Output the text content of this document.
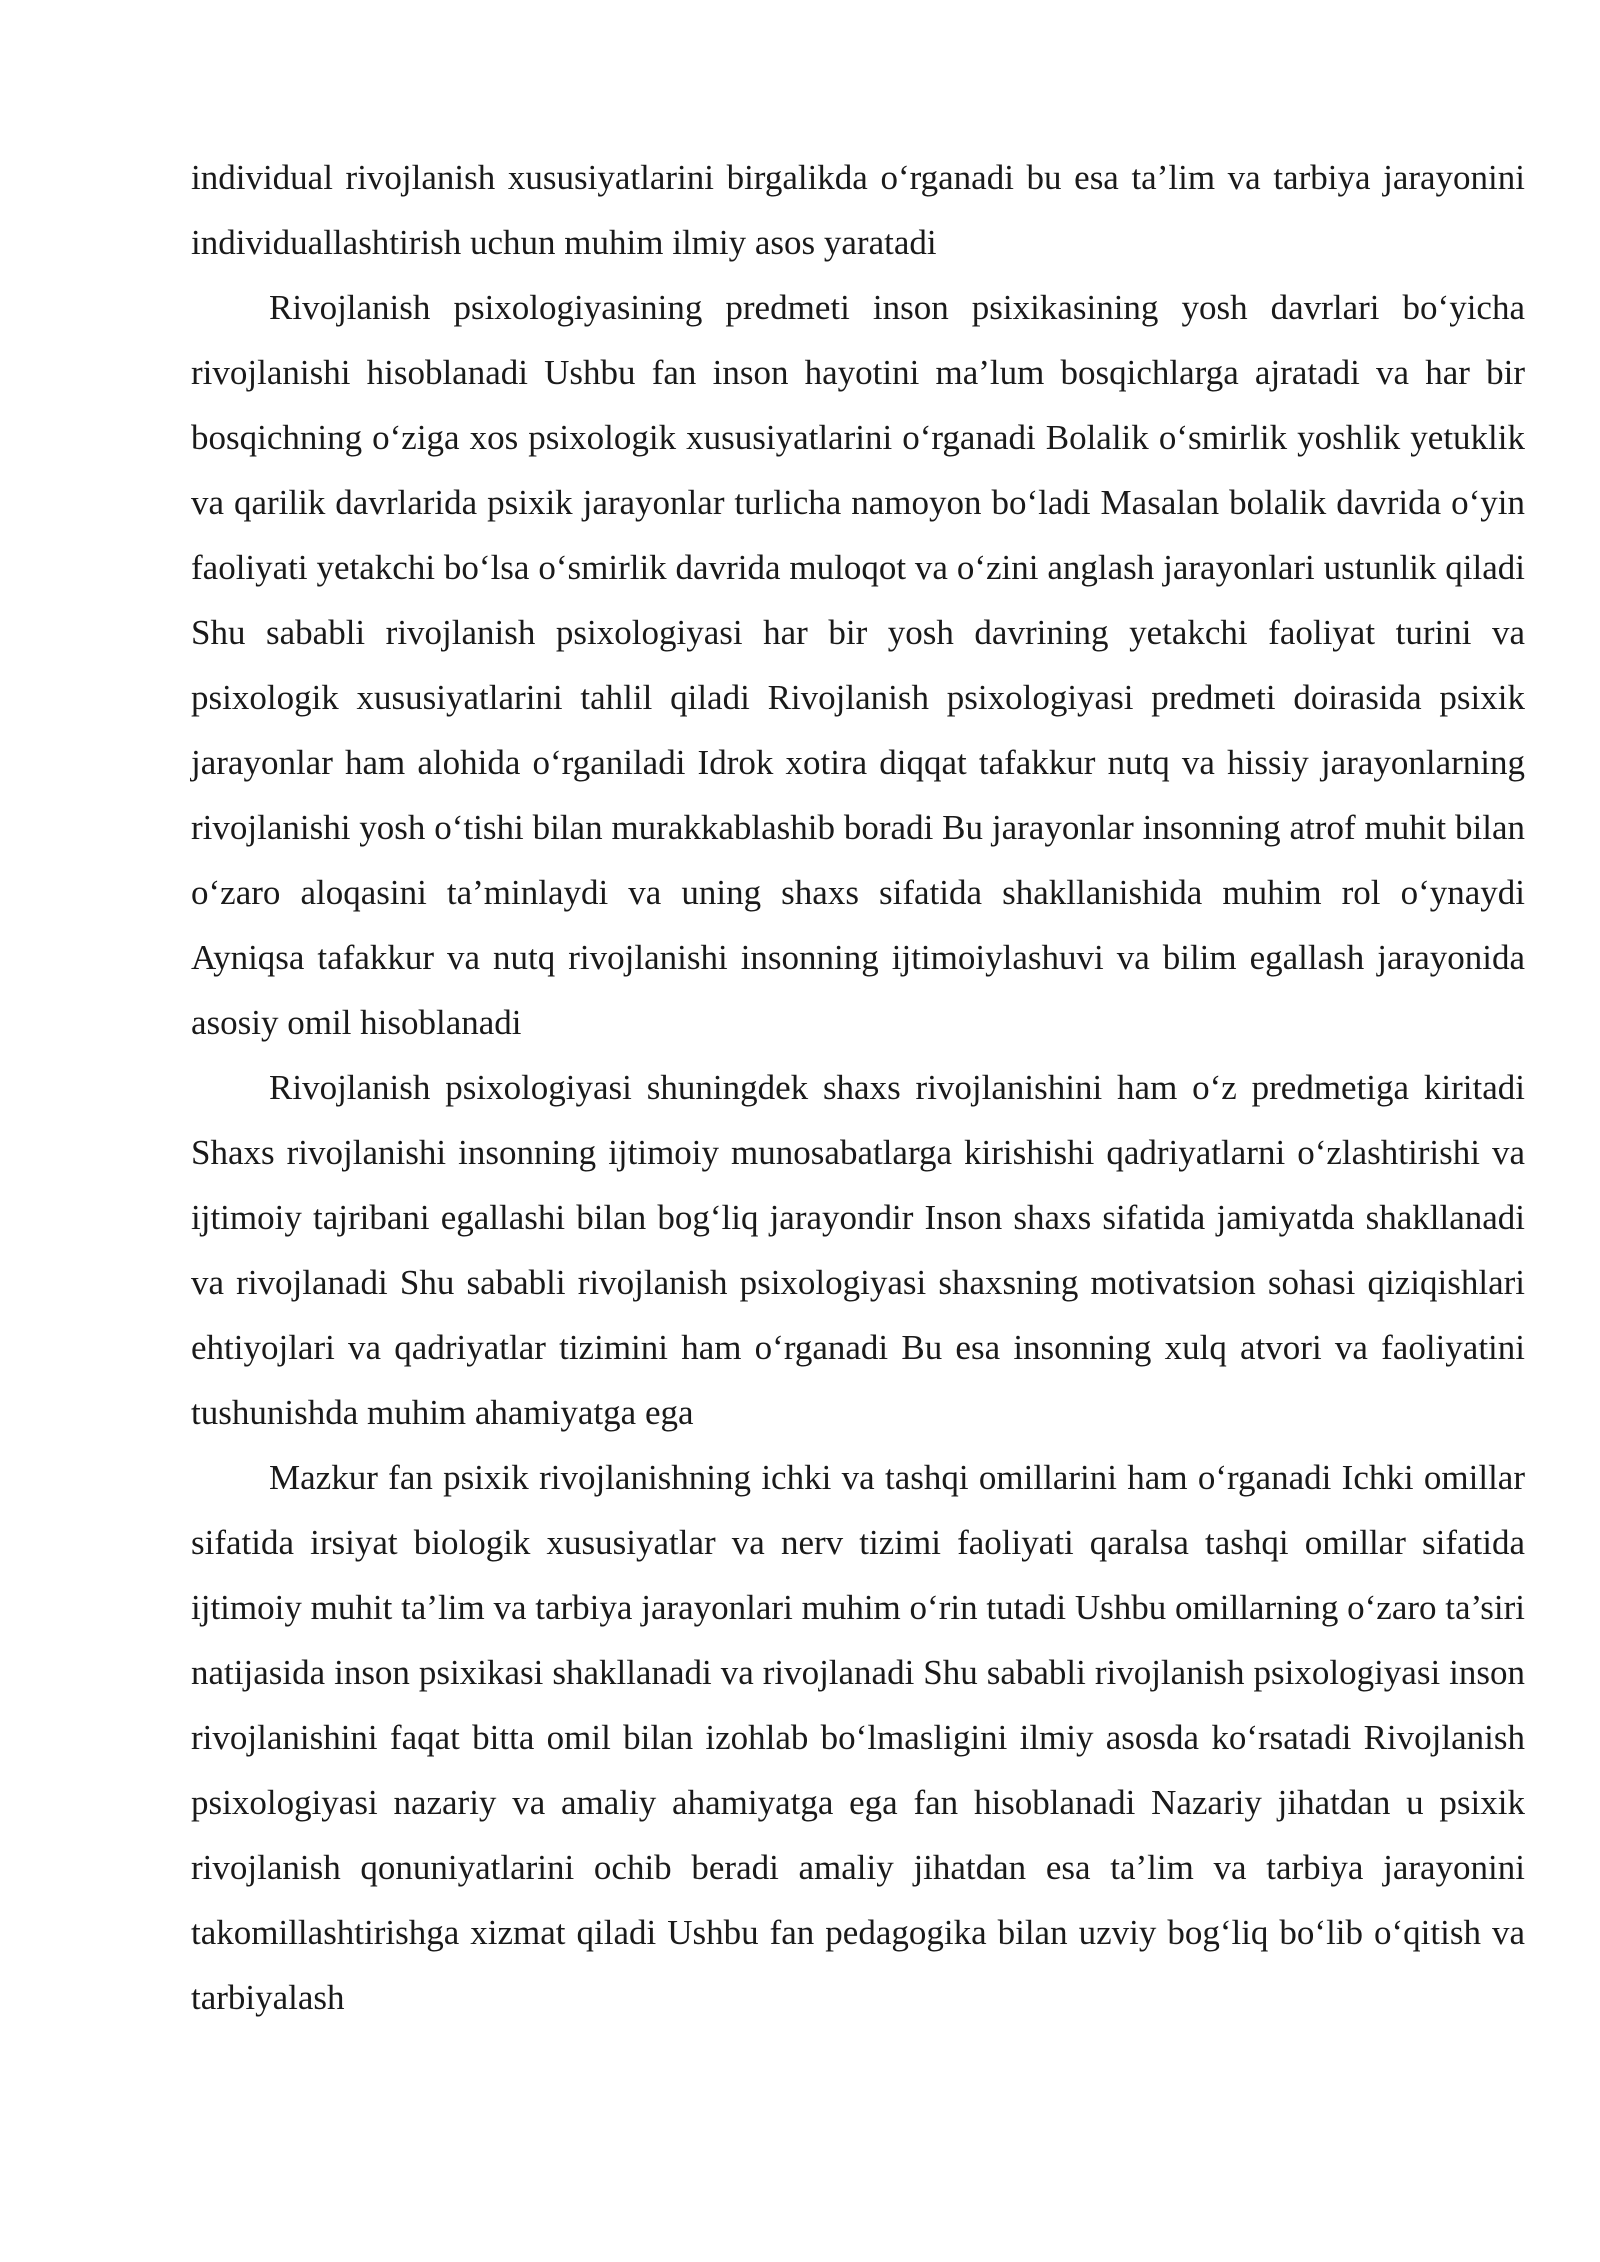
individual rivojlanish xususiyatlarini birgalikda o‘rganadi bu esa ta’lim va tarbiya jarayonini individuallashtirish uchun muhim ilmiy asos yaratadi

Rivojlanish psixologiyasining predmeti inson psixikasining yosh davrlari bo‘yicha rivojlanishi hisoblanadi Ushbu fan inson hayotini ma’lum bosqichlarga ajratadi va har bir bosqichning o‘ziga xos psixologik xususiyatlarini o‘rganadi Bolalik o‘smirlik yoshlik yetuklik va qarilik davrlarida psixik jarayonlar turlicha namoyon bo‘ladi Masalan bolalik davrida o‘yin faoliyati yetakchi bo‘lsa o‘smirlik davrida muloqot va o‘zini anglash jarayonlari ustunlik qiladi Shu sababli rivojlanish psixologiyasi har bir yosh davrining yetakchi faoliyat turini va psixologik xususiyatlarini tahlil qiladi Rivojlanish psixologiyasi predmeti doirasida psixik jarayonlar ham alohida o‘rganiladi Idrok xotira diqqat tafakkur nutq va hissiy jarayonlarning rivojlanishi yosh o‘tishi bilan murakkablashib boradi Bu jarayonlar insonning atrof muhit bilan o‘zaro aloqasini ta’minlaydi va uning shaxs sifatida shakllanishida muhim rol o‘ynaydi Ayniqsa tafakkur va nutq rivojlanishi insonning ijtimoiylashuvi va bilim egallash jarayonida asosiy omil hisoblanadi

Rivojlanish psixologiyasi shuningdek shaxs rivojlanishini ham o‘z predmetiga kiritadi Shaxs rivojlanishi insonning ijtimoiy munosabatlarga kirishishi qadriyatlarni o‘zlashtirishi va ijtimoiy tajribani egallashi bilan bog‘liq jarayondir Inson shaxs sifatida jamiyatda shakllanadi va rivojlanadi Shu sababli rivojlanish psixologiyasi shaxsning motivatsion sohasi qiziqishlari ehtiyojlari va qadriyatlar tizimini ham o‘rganadi Bu esa insonning xulq atvori va faoliyatini tushunishda muhim ahamiyatga ega

Mazkur fan psixik rivojlanishning ichki va tashqi omillarini ham o‘rganadi Ichki omillar sifatida irsiyat biologik xususiyatlar va nerv tizimi faoliyati qaralsa tashqi omillar sifatida ijtimoiy muhit ta’lim va tarbiya jarayonlari muhim o‘rin tutadi Ushbu omillarning o‘zaro ta’siri natijasida inson psixikasi shakllanadi va rivojlanadi Shu sababli rivojlanish psixologiyasi inson rivojlanishini faqat bitta omil bilan izohlab bo‘lmasligini ilmiy asosda ko‘rsatadi Rivojlanish psixologiyasi nazariy va amaliy ahamiyatga ega fan hisoblanadi Nazariy jihatdan u psixik rivojlanish qonuniyatlarini ochib beradi amaliy jihatdan esa ta’lim va tarbiya jarayonini takomillashtirishga xizmat qiladi Ushbu fan pedagogika bilan uzviy bog‘liq bo‘lib o‘qitish va tarbiyalash
